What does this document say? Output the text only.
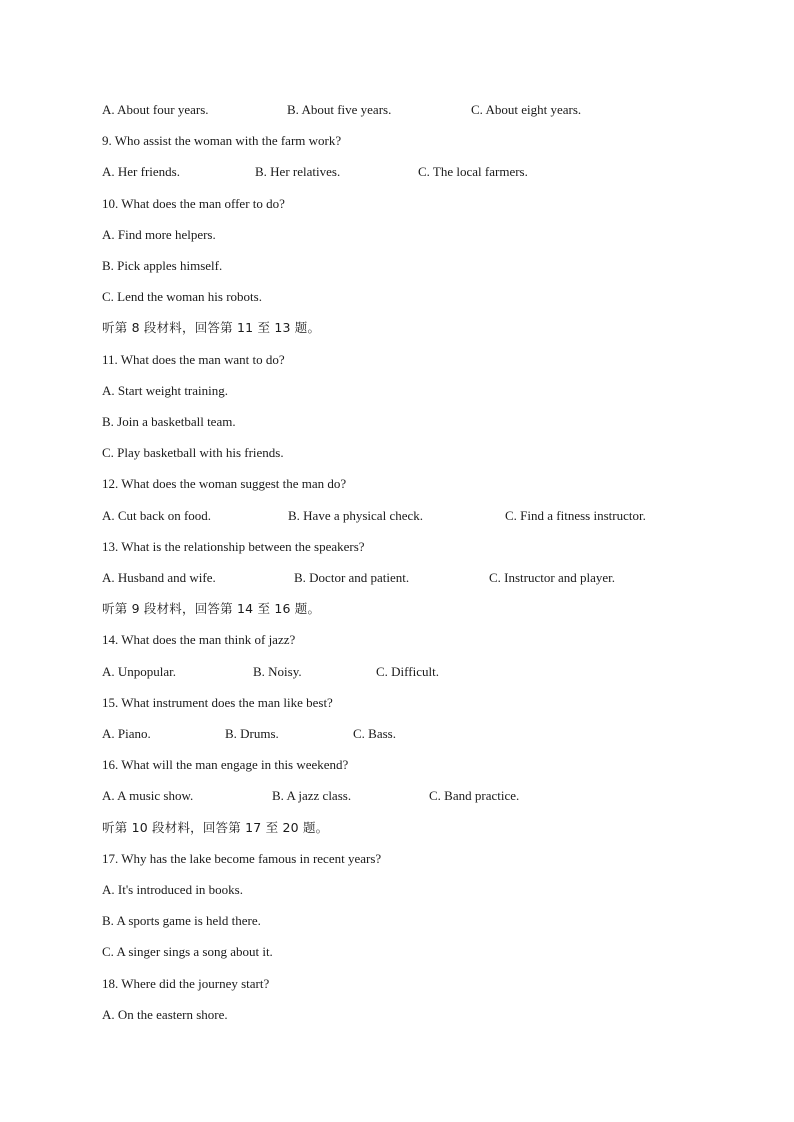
A. About four years.	B. About five years.	C. About eight years.
9. Who assist the woman with the farm work?
A. Her friends.	B. Her relatives.	C. The local farmers.
10. What does the man offer to do?
A. Find more helpers.
B. Pick apples himself.
C. Lend the woman his robots.
听第 8 段材料，回答第 11 至 13 题。
11. What does the man want to do?
A. Start weight training.
B. Join a basketball team.
C. Play basketball with his friends.
12. What does the woman suggest the man do?
A. Cut back on food.	B. Have a physical check.	C. Find a fitness instructor.
13. What is the relationship between the speakers?
A. Husband and wife.	B. Doctor and patient.	C. Instructor and player.
听第 9 段材料，回答第 14 至 16 题。
14. What does the man think of jazz?
A. Unpopular.	B. Noisy.	C. Difficult.
15. What instrument does the man like best?
A. Piano.	B. Drums.	C. Bass.
16. What will the man engage in this weekend?
A. A music show.	B. A jazz class.	C. Band practice.
听第 10 段材料，回答第 17 至 20 题。
17. Why has the lake become famous in recent years?
A. It's introduced in books.
B. A sports game is held there.
C. A singer sings a song about it.
18. Where did the journey start?
A. On the eastern shore.
